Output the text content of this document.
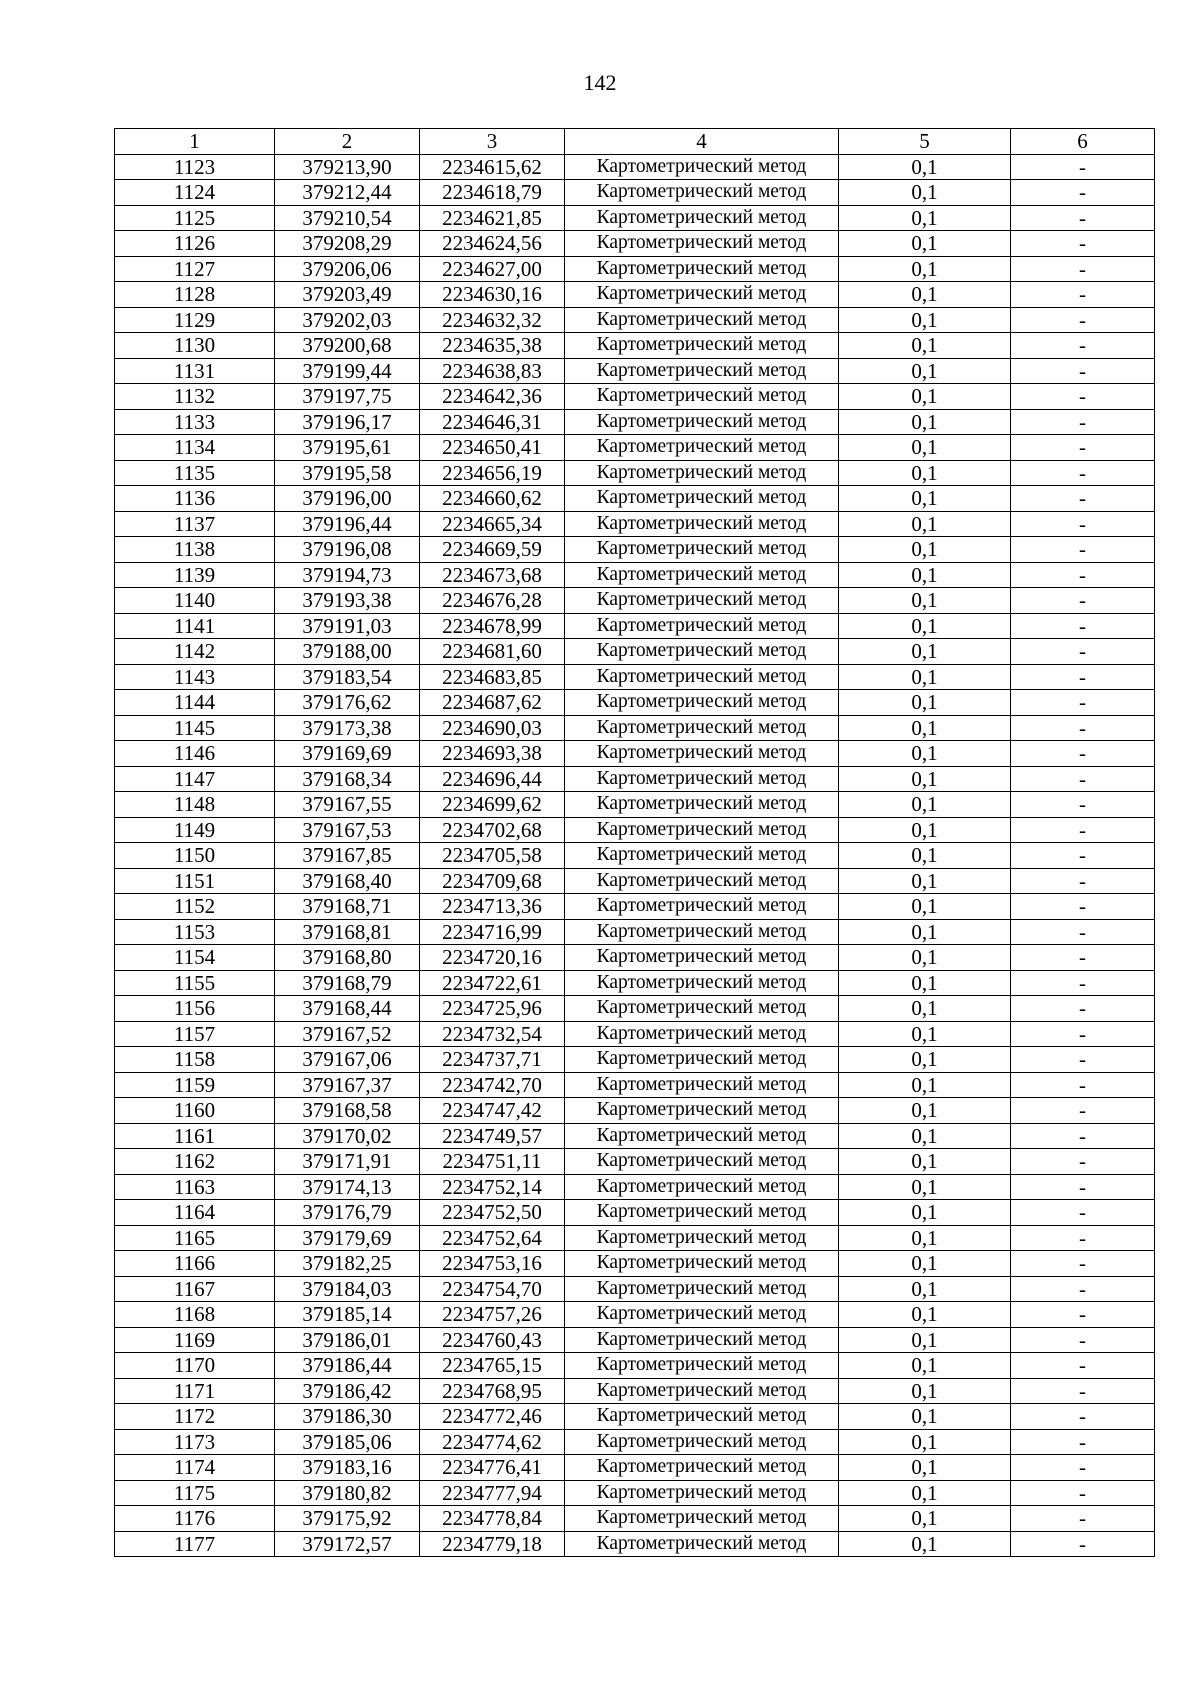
142
1	2	3	4	5	6
1123	379213,90	2234615,62	Картометрический метод	0,1	-
1124	379212,44	2234618,79	Картометрический метод	0,1	-
1125	379210,54	2234621,85	Картометрический метод	0,1	-
1126	379208,29	2234624,56	Картометрический метод	0,1	-
1127	379206,06	2234627,00	Картометрический метод	0,1	-
1128	379203,49	2234630,16	Картометрический метод	0,1	-
1129	379202,03	2234632,32	Картометрический метод	0,1	-
1130	379200,68	2234635,38	Картометрический метод	0,1	-
1131	379199,44	2234638,83	Картометрический метод	0,1	-
1132	379197,75	2234642,36	Картометрический метод	0,1	-
1133	379196,17	2234646,31	Картометрический метод	0,1	-
1134	379195,61	2234650,41	Картометрический метод	0,1	-
1135	379195,58	2234656,19	Картометрический метод	0,1	-
1136	379196,00	2234660,62	Картометрический метод	0,1	-
1137	379196,44	2234665,34	Картометрический метод	0,1	-
1138	379196,08	2234669,59	Картометрический метод	0,1	-
1139	379194,73	2234673,68	Картометрический метод	0,1	-
1140	379193,38	2234676,28	Картометрический метод	0,1	-
1141	379191,03	2234678,99	Картометрический метод	0,1	-
1142	379188,00	2234681,60	Картометрический метод	0,1	-
1143	379183,54	2234683,85	Картометрический метод	0,1	-
1144	379176,62	2234687,62	Картометрический метод	0,1	-
1145	379173,38	2234690,03	Картометрический метод	0,1	-
1146	379169,69	2234693,38	Картометрический метод	0,1	-
1147	379168,34	2234696,44	Картометрический метод	0,1	-
1148	379167,55	2234699,62	Картометрический метод	0,1	-
1149	379167,53	2234702,68	Картометрический метод	0,1	-
1150	379167,85	2234705,58	Картометрический метод	0,1	-
1151	379168,40	2234709,68	Картометрический метод	0,1	-
1152	379168,71	2234713,36	Картометрический метод	0,1	-
1153	379168,81	2234716,99	Картометрический метод	0,1	-
1154	379168,80	2234720,16	Картометрический метод	0,1	-
1155	379168,79	2234722,61	Картометрический метод	0,1	-
1156	379168,44	2234725,96	Картометрический метод	0,1	-
1157	379167,52	2234732,54	Картометрический метод	0,1	-
1158	379167,06	2234737,71	Картометрический метод	0,1	-
1159	379167,37	2234742,70	Картометрический метод	0,1	-
1160	379168,58	2234747,42	Картометрический метод	0,1	-
1161	379170,02	2234749,57	Картометрический метод	0,1	-
1162	379171,91	2234751,11	Картометрический метод	0,1	-
1163	379174,13	2234752,14	Картометрический метод	0,1	-
1164	379176,79	2234752,50	Картометрический метод	0,1	-
1165	379179,69	2234752,64	Картометрический метод	0,1	-
1166	379182,25	2234753,16	Картометрический метод	0,1	-
1167	379184,03	2234754,70	Картометрический метод	0,1	-
1168	379185,14	2234757,26	Картометрический метод	0,1	-
1169	379186,01	2234760,43	Картометрический метод	0,1	-
1170	379186,44	2234765,15	Картометрический метод	0,1	-
1171	379186,42	2234768,95	Картометрический метод	0,1	-
1172	379186,30	2234772,46	Картометрический метод	0,1	-
1173	379185,06	2234774,62	Картометрический метод	0,1	-
1174	379183,16	2234776,41	Картометрический метод	0,1	-
1175	379180,82	2234777,94	Картометрический метод	0,1	-
1176	379175,92	2234778,84	Картометрический метод	0,1	-
1177	379172,57	2234779,18	Картометрический метод	0,1	-
